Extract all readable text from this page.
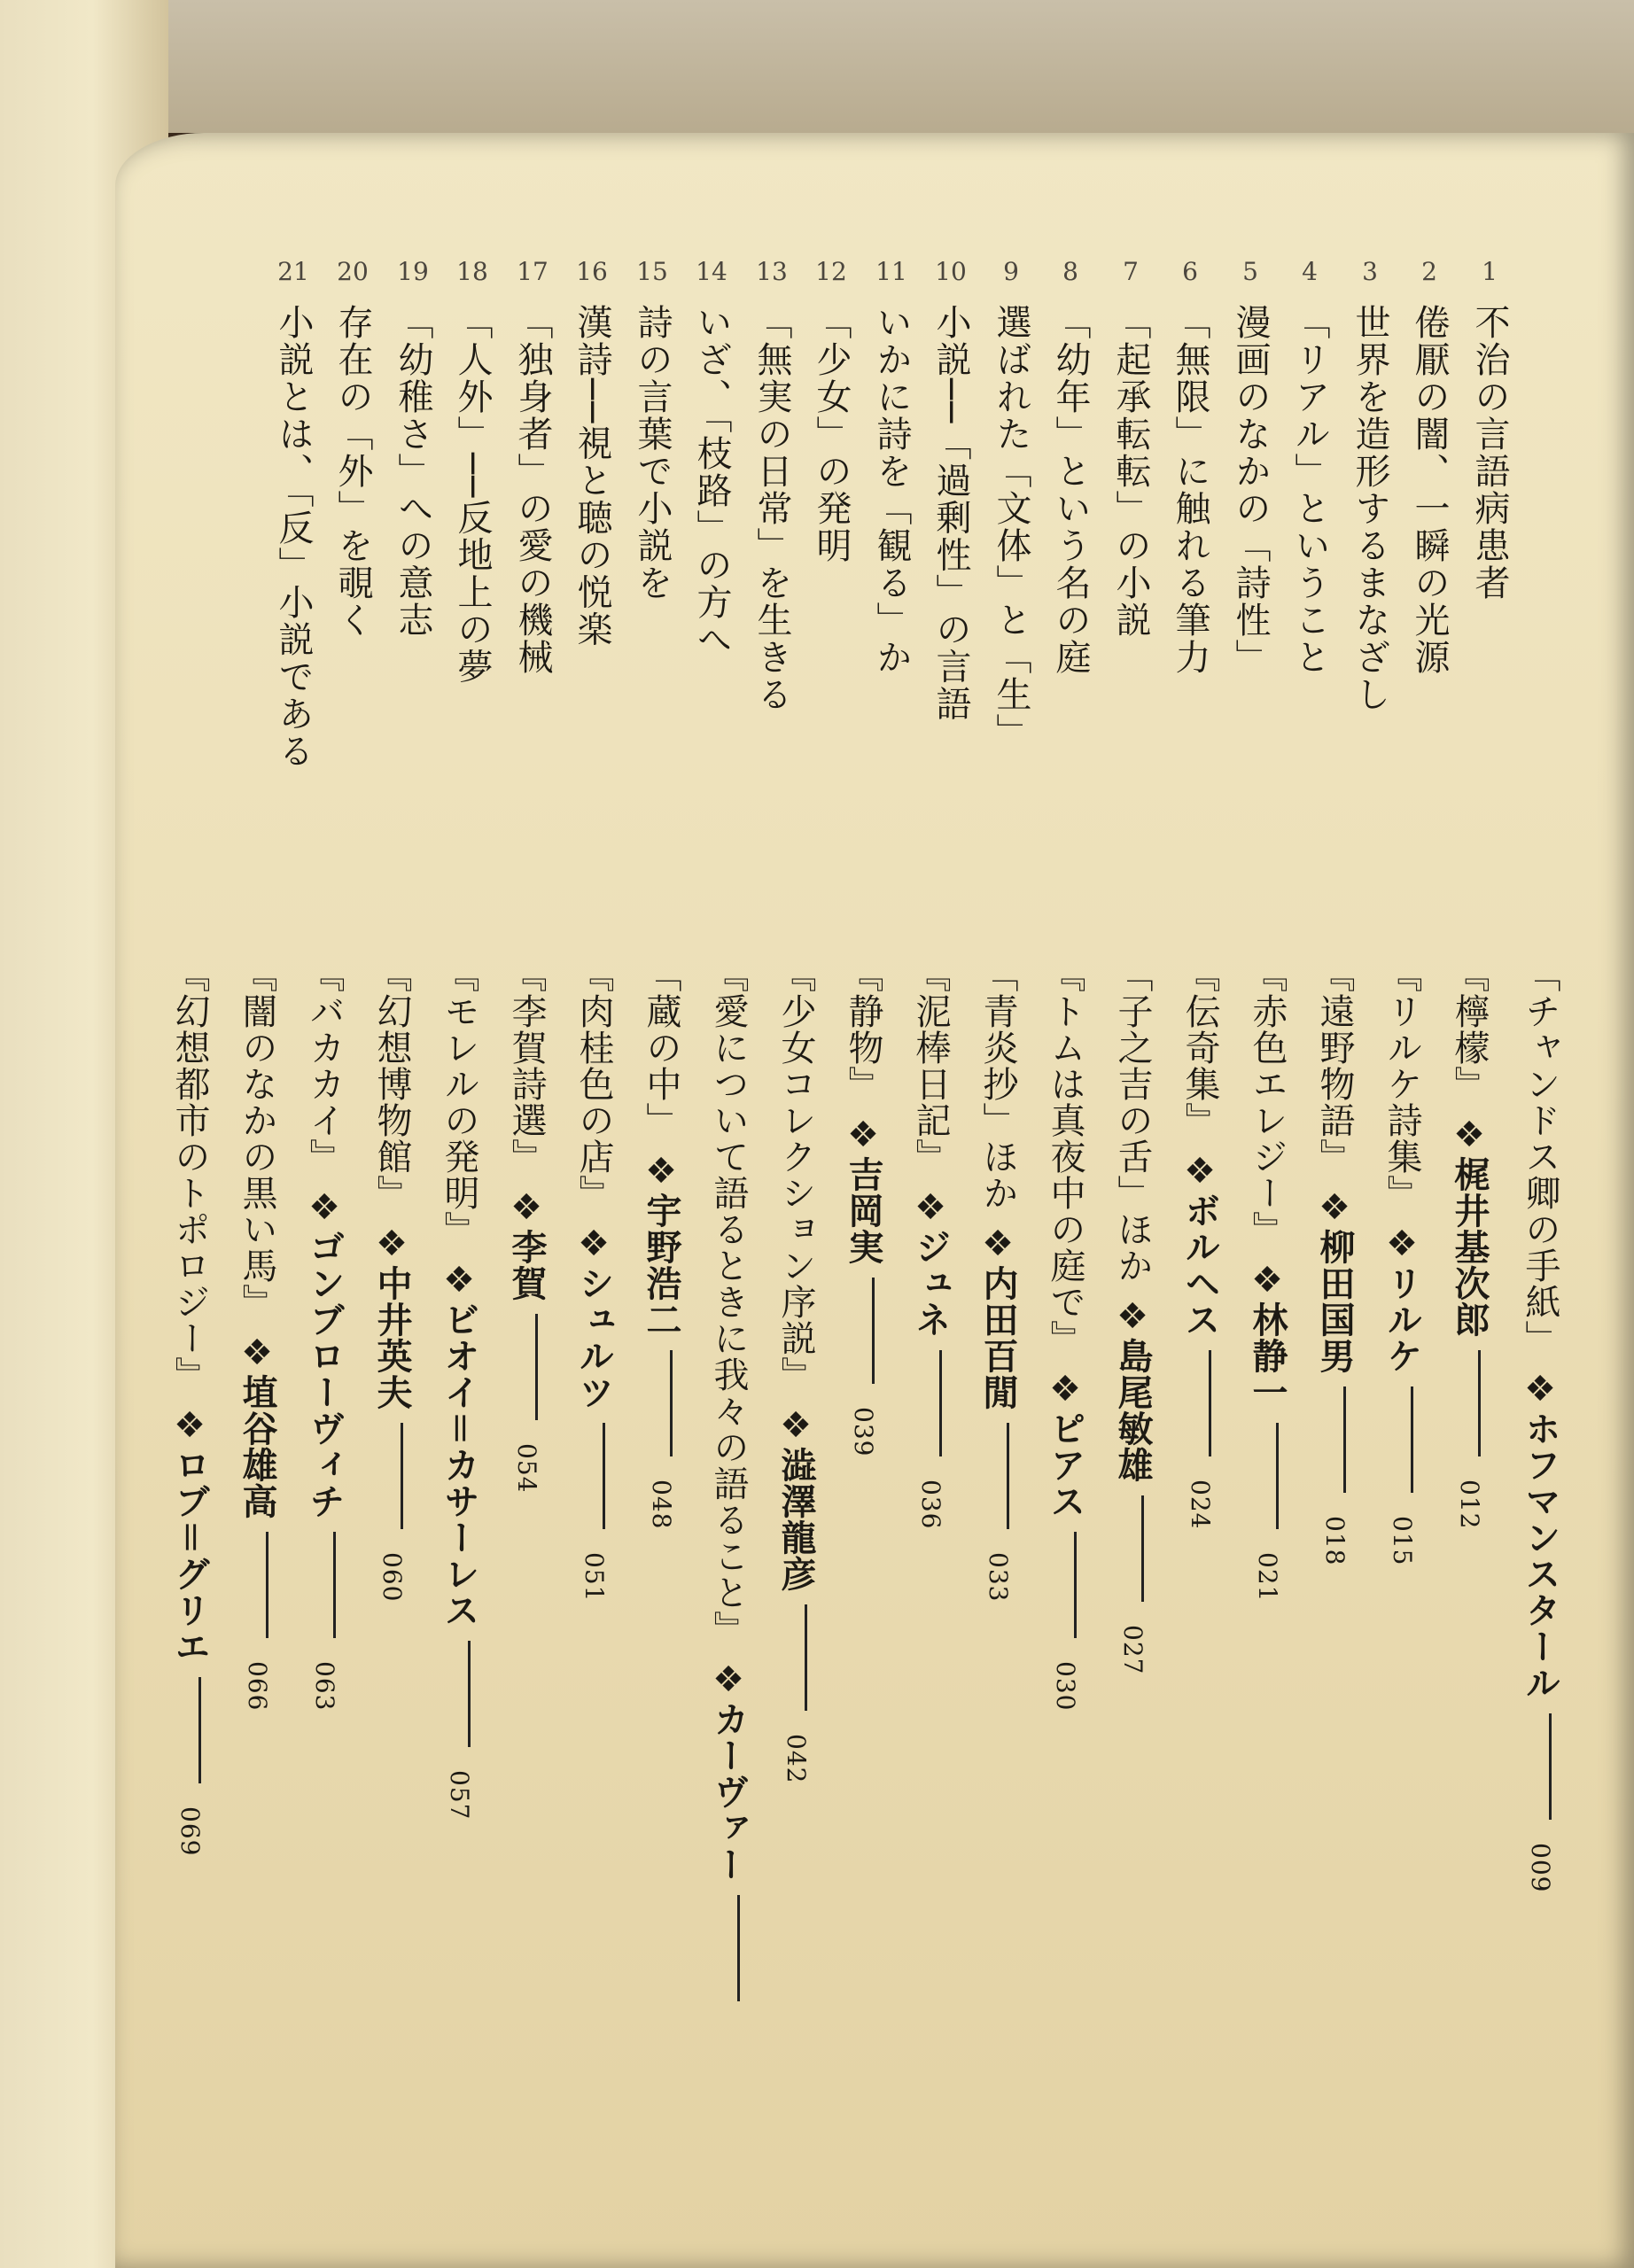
1不治の言語病患者
2倦厭の闇、一瞬の光源
3世界を造形するまなざし
4「リアル」ということ
5漫画のなかの「詩性」
6「無限」に触れる筆力
7「起承転転」の小説
8「幼年」という名の庭
9選ばれた「文体」と「生」
10小説──「過剰性」の言語
11いかに詩を「観る」か
12「少女」の発明
13「無実の日常」を生きる
14いざ、「枝路」の方へ
15詩の言葉で小説を
16漢詩──視と聴の悦楽
17「独身者」の愛の機械
18「人外」──反地上の夢
19「幼稚さ」への意志
20存在の「外」を覗く
21小説とは、「反」小説である
「チャンドス卿の手紙」❖ホフマンスタール009
『檸檬』❖梶井基次郎012
『リルケ詩集』❖リルケ015
『遠野物語』❖柳田国男018
『赤色エレジー』❖林静一021
『伝奇集』❖ボルヘス024
「子之吉の舌」ほか❖島尾敏雄027
『トムは真夜中の庭で』❖ピアス030
「青炎抄」ほか❖内田百閒033
『泥棒日記』❖ジュネ036
『静物』❖吉岡実039
『少女コレクション序説』❖澁澤龍彦042
『愛について語るときに我々の語ること』❖カーヴァー
「蔵の中」❖宇野浩二048
『肉桂色の店』❖シュルツ051
『李賀詩選』❖李賀054
『モレルの発明』❖ビオイ＝カサーレス057
『幻想博物館』❖中井英夫060
『バカカイ』❖ゴンブローヴィチ063
『闇のなかの黒い馬』❖埴谷雄高066
『幻想都市のトポロジー』❖ロブ＝グリエ069
